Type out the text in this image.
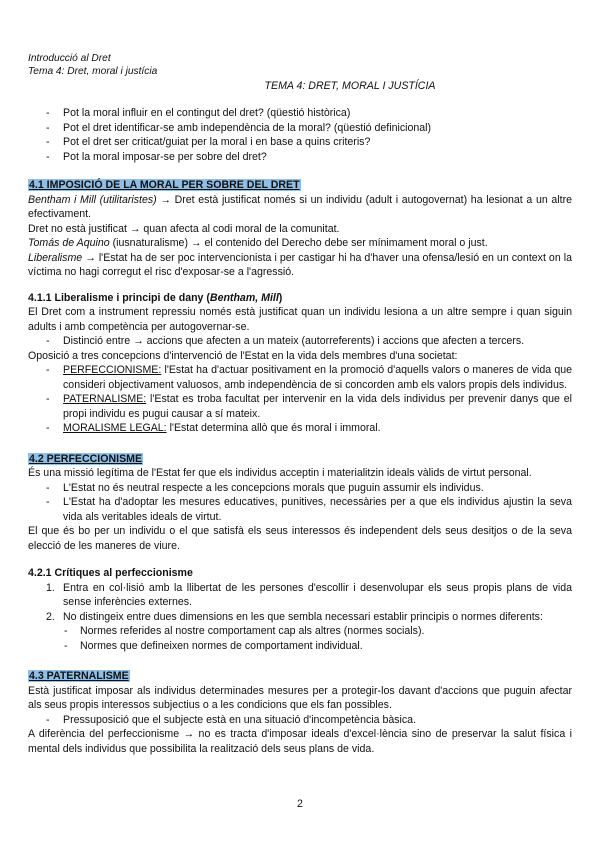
Introducció al Dret
Tema 4: Dret, moral i justícia
TEMA 4: DRET, MORAL I JUSTÍCIA
- Pot la moral influir en el contingut del dret? (qüestió històrica)
- Pot el dret identificar-se amb independència de la moral? (qüestió definicional)
- Pot el dret ser criticat/guiat per la moral i en base a quins criteris?
- Pot la moral imposar-se per sobre del dret?
4.1 IMPOSICIÓ DE LA MORAL PER SOBRE DEL DRET

Bentham i Mill (utilitaristes) → Dret està justificat només si un individu (adult i autogovernat) ha lesionat a un altre efectivament.

Dret no està justificat → quan afecta al codi moral de la comunitat.

Tomás de Aquino (iusnaturalisme) → el contenido del Derecho debe ser mínimament moral o just.

Liberalisme → l'Estat ha de ser poc intervencionista i per castigar hi ha d'haver una ofensa/lesió en un context on la víctima no hagi corregut el risc d'exposar-se a l'agressió.

4.1.1 Liberalisme i principi de dany (Bentham, Mill)

El Dret com a instrument repressiu només està justificat quan un individu lesiona a un altre sempre i quan siguin adults i amb competència per autogovernar-se.

- Distinció entre → accions que afecten a un mateix (autorreferents) i accions que afecten a tercers.

Oposició a tres concepcions d'intervenció de l'Estat en la vida dels membres d'una societat:

- PERFECCIONISME: l'Estat ha d'actuar positivament en la promoció d'aquells valors o maneres de vida que consideri objectivament valuosos, amb independència de si concorden amb els valors propis dels individus.
- PATERNALISME: l'Estat es troba facultat per intervenir en la vida dels individus per prevenir danys que el propi individu es pugui causar a sí mateix.
- MORALISME LEGAL: l'Estat determina allò que és moral i immoral.
4.2 PERFECCIONISME

És una missió legítima de l'Estat fer que els individus acceptin i materialitzin ideals vàlids de virtut personal.

- L'Estat no és neutral respecte a les concepcions morals que puguin assumir els individus.
- L'Estat ha d'adoptar les mesures educatives, punitives, necessàries per a que els individus ajustin la seva vida als veritables ideals de virtut.

El que és bo per un individu o el que satisfà els seus interessos és independent dels seus desitjos o de la seva elecció de les maneres de viure.

4.2.1 Crítiques al perfeccionisme
1. Entra en col·lisió amb la llibertat de les persones d'escollir i desenvolupar els seus propis plans de vida sense inferències externes.
2. No distingeix entre dues dimensions en les que sembla necessari establir principis o normes diferents:
- Normes referides al nostre comportament cap als altres (normes socials).
- Normes que defineixen normes de comportament individual.
4.3 PATERNALISME

Està justificat imposar als individus determinades mesures per a protegir-los davant d'accions que puguin afectar als seus propis interessos subjectius o a les condicions que els fan possibles.

- Pressuposició que el subjecte està en una situació d'incompetència bàsica.

A diferència del perfeccionisme → no es tracta d'imposar ideals d'excel·lència sino de preservar la salut física i mental dels individus que possibilita la realització dels seus plans de vida.

2
